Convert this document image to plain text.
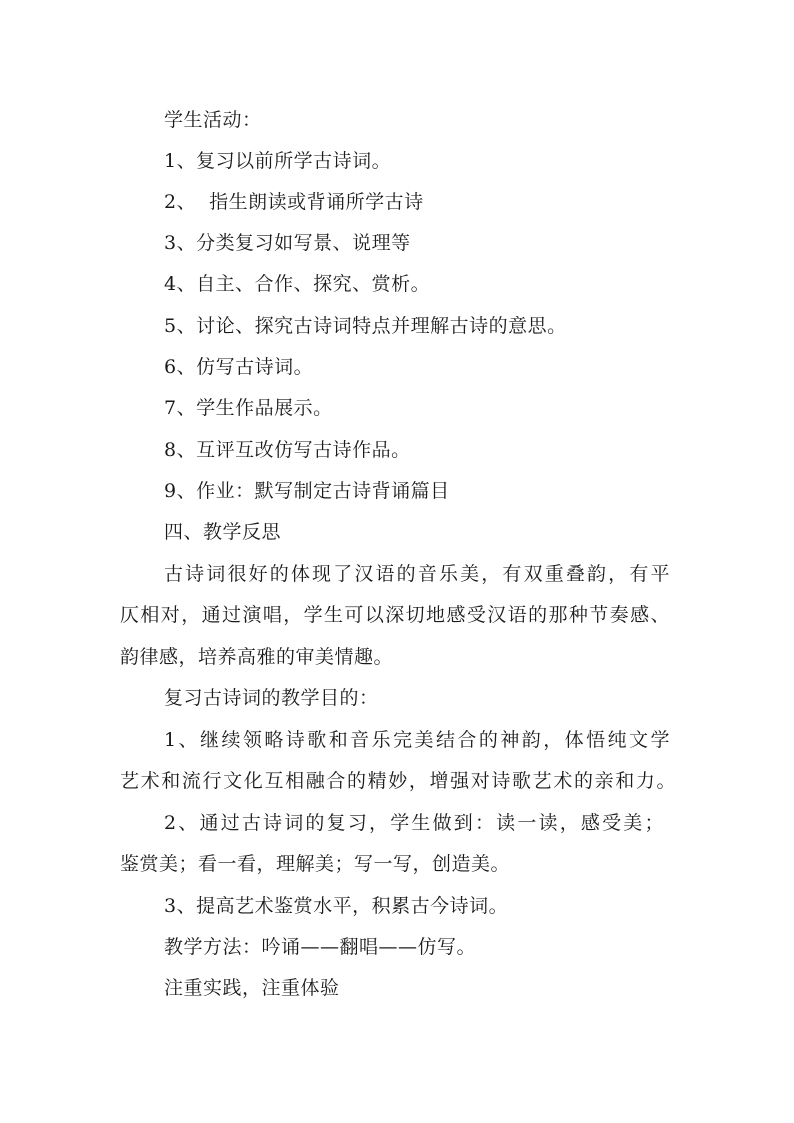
学生活动：
1、复习以前所学古诗词。
2、  指生朗读或背诵所学古诗
3、分类复习如写景、说理等
4、自主、合作、探究、赏析。
5、讨论、探究古诗词特点并理解古诗的意思。
6、仿写古诗词。
7、学生作品展示。
8、互评互改仿写古诗作品。
9、作业：默写制定古诗背诵篇目
四、教学反思
古诗词很好的体现了汉语的音乐美，有双重叠韵，有平
仄相对，通过演唱，学生可以深切地感受汉语的那种节奏感、
韵律感，培养高雅的审美情趣。
复习古诗词的教学目的：
1、继续领略诗歌和音乐完美结合的神韵，体悟纯文学
艺术和流行文化互相融合的精妙，增强对诗歌艺术的亲和力。
2、通过古诗词的复习，学生做到：读一读，感受美；
鉴赏美；看一看，理解美；写一写，创造美。
3、提高艺术鉴赏水平，积累古今诗词。
教学方法：吟诵——翻唱——仿写。
注重实践，注重体验
